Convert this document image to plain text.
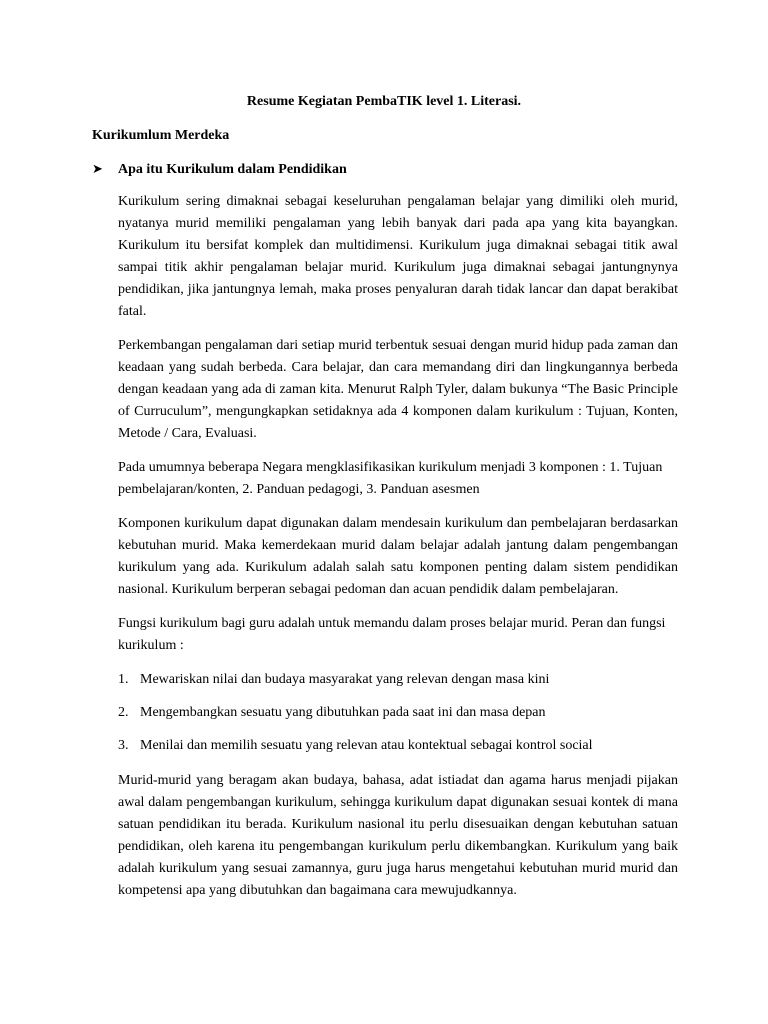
Resume Kegiatan PembaTIK level 1. Literasi.
Kurikumlum Merdeka
➤ Apa itu Kurikulum dalam Pendidikan

Kurikulum sering dimaknai sebagai keseluruhan pengalaman belajar yang dimiliki oleh murid, nyatanya murid memiliki pengalaman yang lebih banyak dari pada apa yang kita bayangkan. Kurikulum itu bersifat komplek dan multidimensi. Kurikulum juga dimaknai sebagai titik awal sampai titik akhir pengalaman belajar murid. Kurikulum juga dimaknai sebagai jantungnynya pendidikan, jika jantungnya lemah, maka proses penyaluran darah tidak lancar dan dapat berakibat fatal.

Perkembangan pengalaman dari setiap murid terbentuk sesuai dengan murid hidup pada zaman dan keadaan yang sudah berbeda. Cara belajar, dan cara memandang diri dan lingkungannya berbeda dengan keadaan yang ada di zaman kita. Menurut Ralph Tyler, dalam bukunya “The Basic Principle of Curruculum”, mengungkapkan setidaknya ada 4 komponen dalam kurikulum : Tujuan, Konten, Metode / Cara, Evaluasi.

Pada umumnya beberapa Negara mengklasifikasikan kurikulum menjadi 3 komponen : 1. Tujuan pembelajaran/konten, 2. Panduan pedagogi, 3. Panduan asesmen

Komponen kurikulum dapat digunakan dalam mendesain kurikulum dan pembelajaran berdasarkan kebutuhan murid. Maka kemerdekaan murid dalam belajar adalah jantung dalam pengembangan kurikulum yang ada. Kurikulum adalah salah satu komponen penting dalam sistem pendidikan nasional. Kurikulum berperan sebagai pedoman dan acuan pendidik dalam pembelajaran.

Fungsi kurikulum bagi guru adalah untuk memandu dalam proses belajar murid. Peran dan fungsi kurikulum :

1. Mewariskan nilai dan budaya masyarakat yang relevan dengan masa kini
2. Mengembangkan sesuatu yang dibutuhkan pada saat ini dan masa depan
3. Menilai dan memilih sesuatu yang relevan atau kontektual sebagai kontrol social

Murid-murid yang beragam akan budaya, bahasa, adat istiadat dan agama harus menjadi pijakan awal dalam pengembangan kurikulum, sehingga kurikulum dapat digunakan sesuai kontek di mana satuan pendidikan itu berada. Kurikulum nasional itu perlu disesuaikan dengan kebutuhan satuan pendidikan, oleh karena itu pengembangan kurikulum perlu dikembangkan. Kurikulum yang baik adalah kurikulum yang sesuai zamannya, guru juga harus mengetahui kebutuhan murid murid dan kompetensi apa yang dibutuhkan dan bagaimana cara mewujudkannya.
